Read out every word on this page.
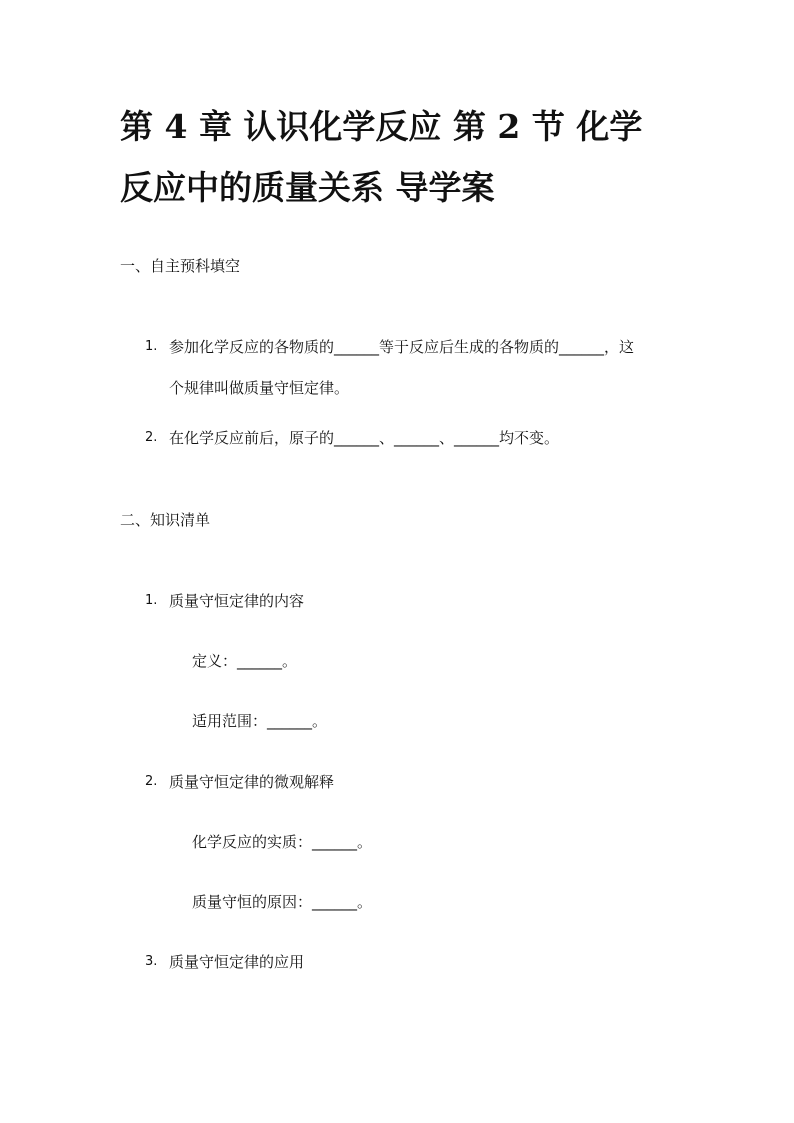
第 4 章 认识化学反应 第 2 节 化学
反应中的质量关系 导学案
一、自主预科填空
1. 参加化学反应的各物质的______等于反应后生成的各物质的______，这
个规律叫做质量守恒定律。
2. 在化学反应前后，原子的______、______、______均不变。
二、知识清单
1. 质量守恒定律的内容
定义：______。
适用范围：______。
2. 质量守恒定律的微观解释
化学反应的实质：______。
质量守恒的原因：______。
3. 质量守恒定律的应用
